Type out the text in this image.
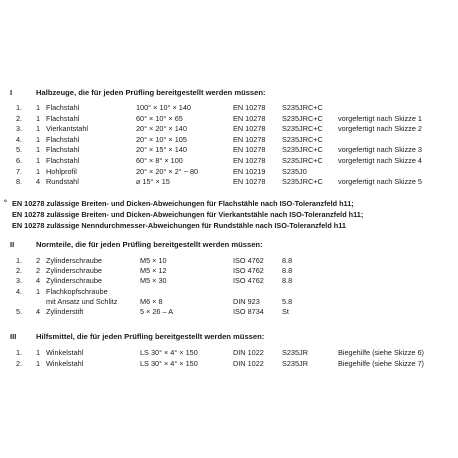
I	Halbzeuge, die für jeden Prüfling bereitgestellt werden müssen:
1. 1 Flachstahl	100° × 10° × 140	EN 10278 S235JRC+C
2. 1 Flachstahl	60° × 10° × 65	EN 10278 S235JRC+C vorgefertigt nach Skizze 1
3. 1 Vierkantstahl	20° × 20° × 140	EN 10278 S235JRC+C vorgefertigt nach Skizze 2
4. 1 Flachstahl	20° × 10° × 105	EN 10278 S235JRC+C
5. 1 Flachstahl	20° × 15° × 140	EN 10278 S235JRC+C vorgefertigt nach Skizze 3
6. 1 Flachstahl	60° × 8° × 100	EN 10278 S235JRC+C vorgefertigt nach Skizze 4
7. 1 Hohlprofil	20° × 20° × 2° − 80	EN 10219 S235J0
8. 4 Rundstahl	⌀ 15° × 15	EN 10278 S235JRC+C vorgefertigt nach Skizze 5
° EN 10278 zulässige Breiten- und Dicken-Abweichungen für Flachstähle nach ISO-Toleranzfeld h11;
EN 10278 zulässige Breiten- und Dicken-Abweichungen für Vierkantstähle nach ISO-Toleranzfeld h11;
EN 10278 zulässige Nenndurchmesser-Abweichungen für Rundstähle nach ISO-Toleranzfeld h11
II	Normteile, die für jeden Prüfling bereitgestellt werden müssen:
1. 2 Zylinderschraube	M5 × 10	ISO 4762 8.8
2. 2 Zylinderschraube	M5 × 12	ISO 4762 8.8
3. 4 Zylinderschraube	M5 × 30	ISO 4762 8.8
4. 1 Flachkopfschraube
mit Ansatz und Schlitz	M6 × 8	DIN 923	5.8
5. 4 Zylinderstift	5 × 26 – A	ISO 8734 St
III	Hilfsmittel, die für jeden Prüfling bereitgestellt werden müssen:
1. 1 Winkelstahl	LS 30° × 4° × 150	DIN 1022 S235JR	Biegehilfe (siehe Skizze 6)
2. 1 Winkelstahl	LS 30° × 4° × 150	DIN 1022 S235JR	Biegehilfe (siehe Skizze 7)
